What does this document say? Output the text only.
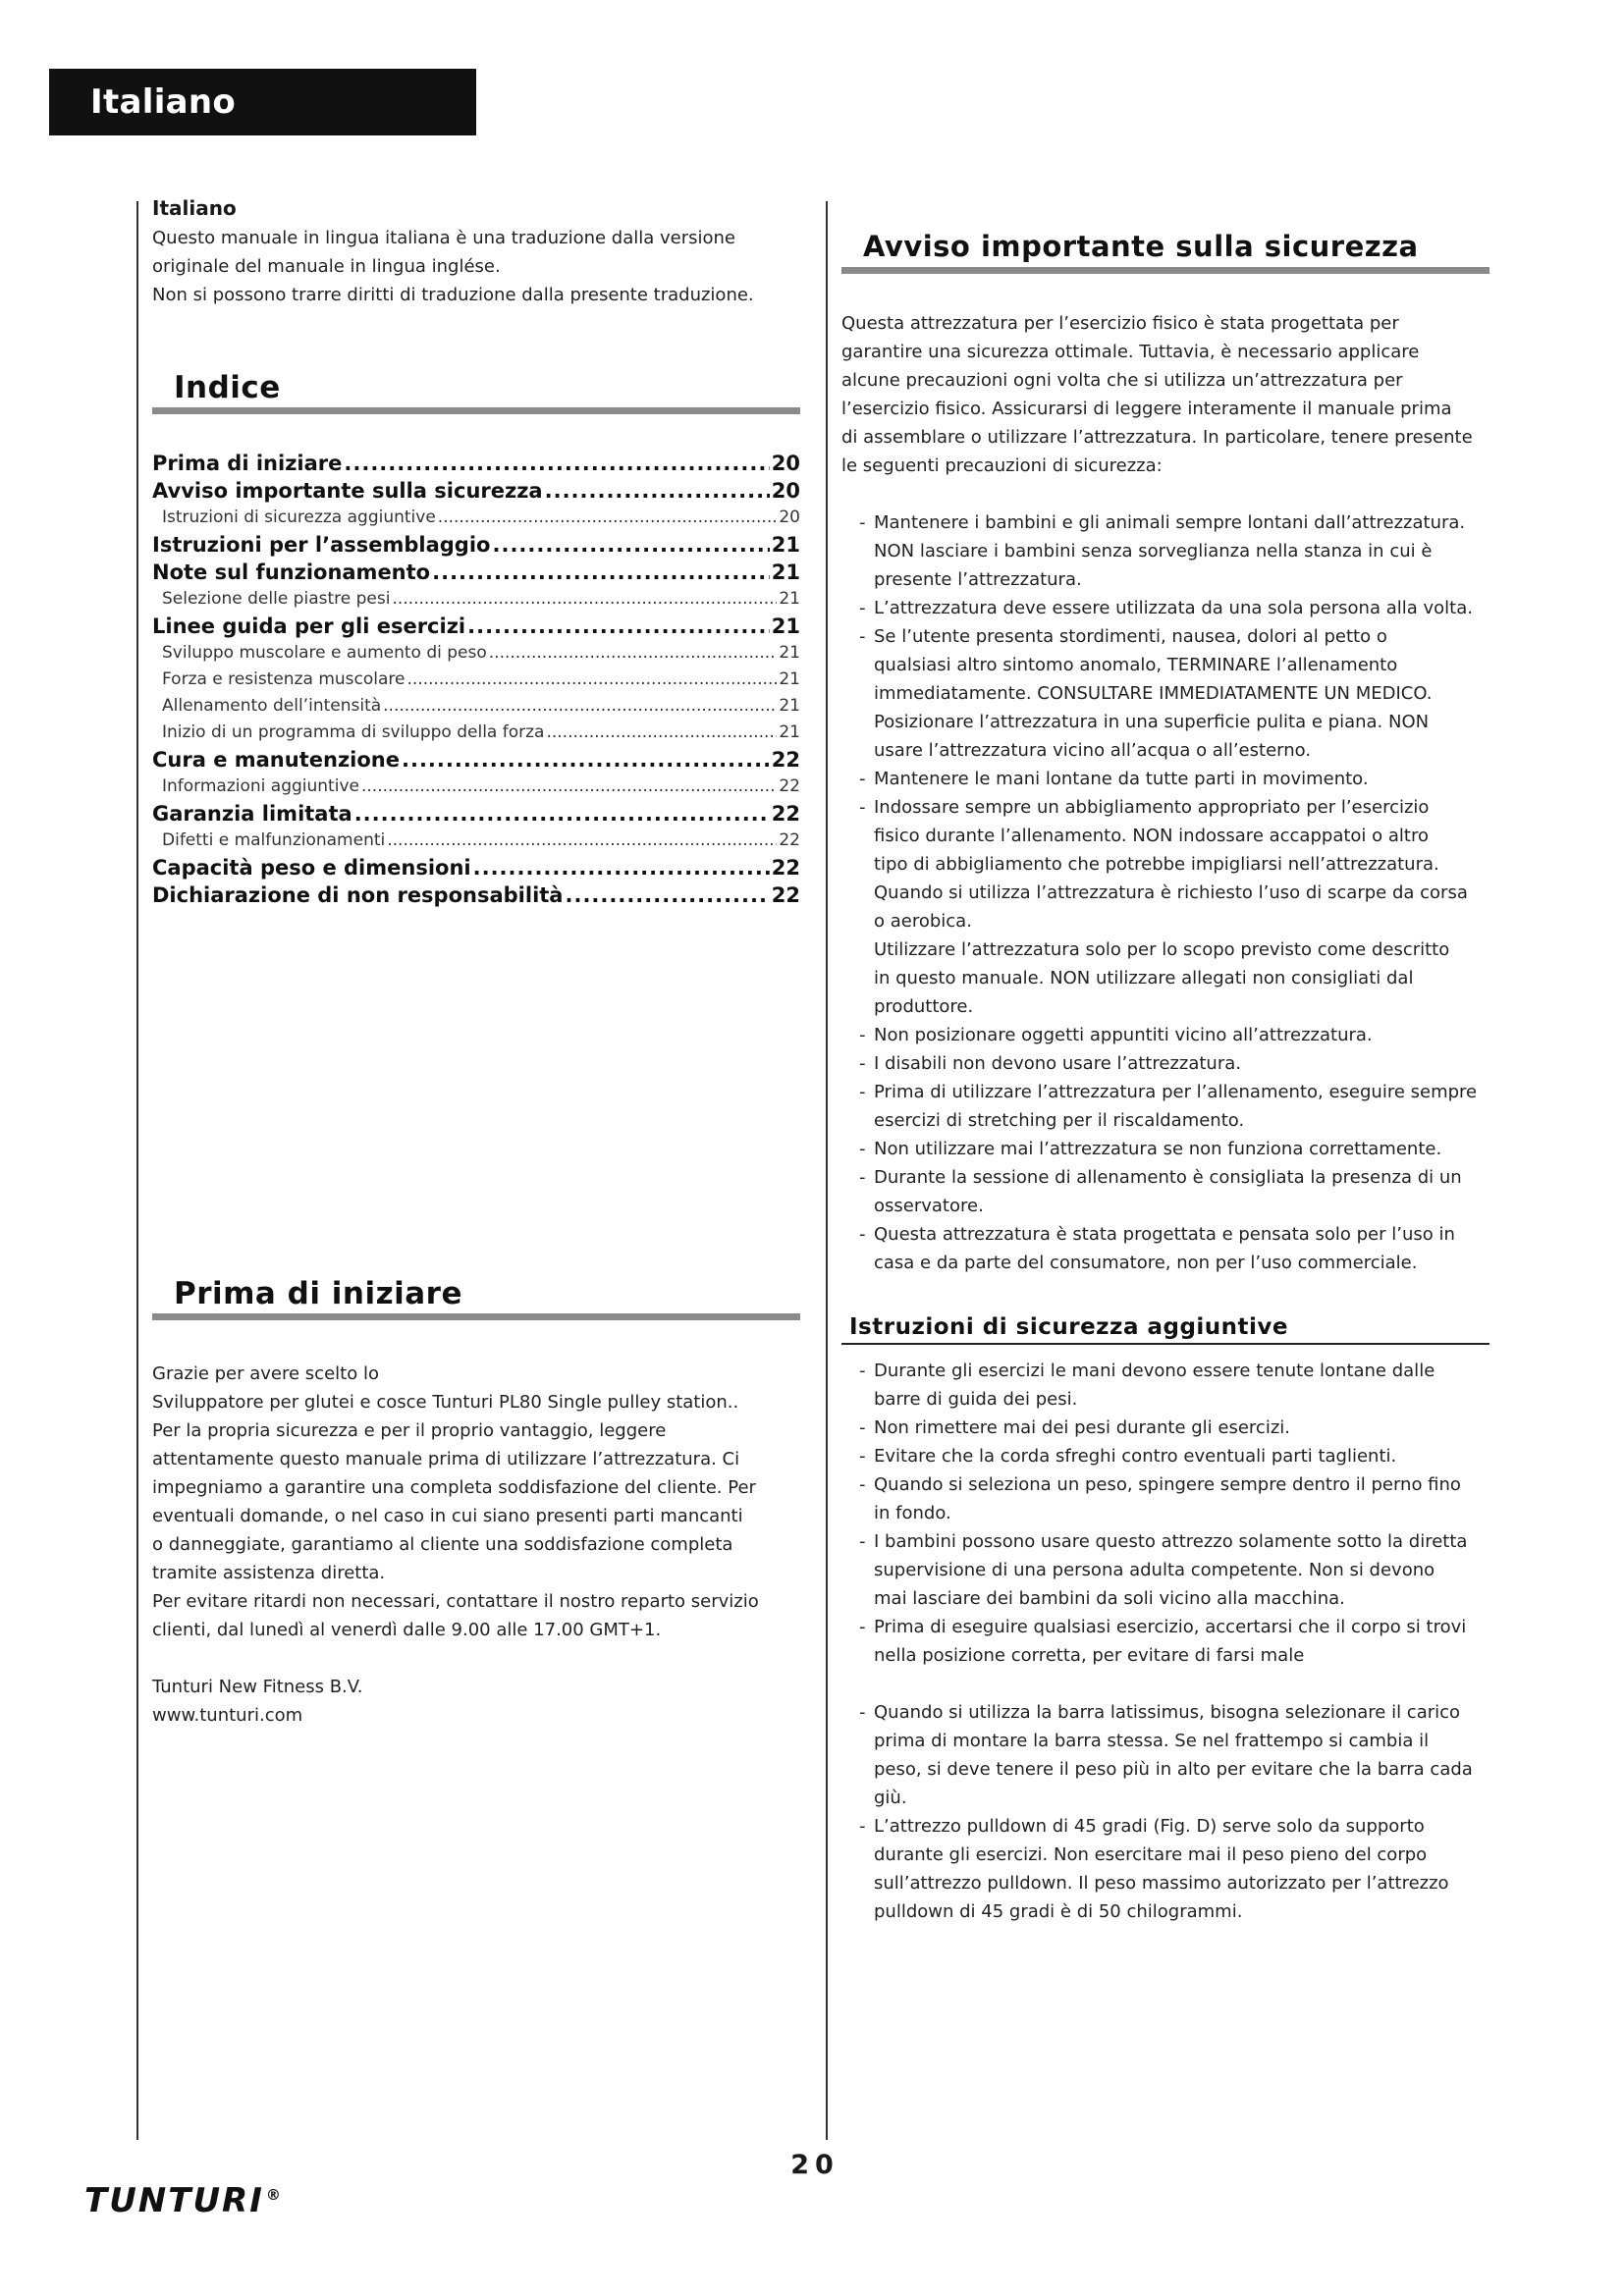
Italiano
Italiano

Questo manuale in lingua italiana è una traduzione dalla versione

originale del manuale in lingua inglése.

Non si possono trarre diritti di traduzione dalla presente traduzione.

Indice
Prima di iniziare .....	20
Avviso importante sulla sicurezza .....	20
Istruzioni di sicurezza aggiuntive .....	20
Istruzioni per l’assemblaggio .....	21
Note sul funzionamento .....	21
Selezione delle piastre pesi .....	21
Linee guida per gli esercizi .....	21
Sviluppo muscolare e aumento di peso .....	21
Forza e resistenza muscolare .....	21
Allenamento dell’intensità .....	21
Inizio di un programma di sviluppo della forza .....	21
Cura e manutenzione .....	22
Informazioni aggiuntive .....	22
Garanzia limitata .....	22
Difetti e malfunzionamenti .....	22
Capacità peso e dimensioni .....	22
Dichiarazione di non responsabilità .....	22
Prima di iniziare

Grazie per avere scelto lo

Sviluppatore per glutei e cosce Tunturi PL80 Single pulley station..

Per la propria sicurezza e per il proprio vantaggio, leggere

attentamente questo manuale prima di utilizzare l’attrezzatura. Ci

impegniamo a garantire una completa soddisfazione del cliente. Per

eventuali domande, o nel caso in cui siano presenti parti mancanti

o danneggiate, garantiamo al cliente una soddisfazione completa

tramite assistenza diretta.

Per evitare ritardi non necessari, contattare il nostro reparto servizio

clienti, dal lunedì al venerdì dalle 9.00 alle 17.00 GMT+1.

Tunturi New Fitness B.V.

www.tunturi.com

Avviso importante sulla sicurezza

Questa attrezzatura per l’esercizio fisico è stata progettata per

garantire una sicurezza ottimale. Tuttavia, è necessario applicare

alcune precauzioni ogni volta che si utilizza un’attrezzatura per

l’esercizio fisico. Assicurarsi di leggere interamente il manuale prima

di assemblare o utilizzare l’attrezzatura. In particolare, tenere presente

le seguenti precauzioni di sicurezza:

- Mantenere i bambini e gli animali sempre lontani dall’attrezzatura.
NON lasciare i bambini senza sorveglianza nella stanza in cui è
presente l’attrezzatura.
- L’attrezzatura deve essere utilizzata da una sola persona alla volta.
- Se l’utente presenta stordimenti, nausea, dolori al petto o
qualsiasi altro sintomo anomalo, TERMINARE l’allenamento
immediatamente. CONSULTARE IMMEDIATAMENTE UN MEDICO.
Posizionare l’attrezzatura in una superficie pulita e piana. NON
usare l’attrezzatura vicino all’acqua o all’esterno.
- Mantenere le mani lontane da tutte parti in movimento.
- Indossare sempre un abbigliamento appropriato per l’esercizio
fisico durante l’allenamento. NON indossare accappatoi o altro
tipo di abbigliamento che potrebbe impigliarsi nell’attrezzatura.
Quando si utilizza l’attrezzatura è richiesto l’uso di scarpe da corsa
o aerobica.
Utilizzare l’attrezzatura solo per lo scopo previsto come descritto
in questo manuale. NON utilizzare allegati non consigliati dal
produttore.
- Non posizionare oggetti appuntiti vicino all’attrezzatura.
- I disabili non devono usare l’attrezzatura.
- Prima di utilizzare l’attrezzatura per l’allenamento, eseguire sempre
esercizi di stretching per il riscaldamento.
- Non utilizzare mai l’attrezzatura se non funziona correttamente.
- Durante la sessione di allenamento è consigliata la presenza di un
osservatore.
- Questa attrezzatura è stata progettata e pensata solo per l’uso in
casa e da parte del consumatore, non per l’uso commerciale.
Istruzioni di sicurezza aggiuntive
- Durante gli esercizi le mani devono essere tenute lontane dalle
barre di guida dei pesi.
- Non rimettere mai dei pesi durante gli esercizi.
- Evitare che la corda sfreghi contro eventuali parti taglienti.
- Quando si seleziona un peso, spingere sempre dentro il perno fino
in fondo.
- I bambini possono usare questo attrezzo solamente sotto la diretta
supervisione di una persona adulta competente. Non si devono
mai lasciare dei bambini da soli vicino alla macchina.
- Prima di eseguire qualsiasi esercizio, accertarsi che il corpo si trovi
nella posizione corretta, per evitare di farsi male
- Quando si utilizza la barra latissimus, bisogna selezionare il carico
prima di montare la barra stessa. Se nel frattempo si cambia il
peso, si deve tenere il peso più in alto per evitare che la barra cada
giù.
- L’attrezzo pulldown di 45 gradi (Fig. D) serve solo da supporto
durante gli esercizi. Non esercitare mai il peso pieno del corpo
sull’attrezzo pulldown. Il peso massimo autorizzato per l’attrezzo
pulldown di 45 gradi è di 50 chilogrammi.
20
TUNTURI ®
